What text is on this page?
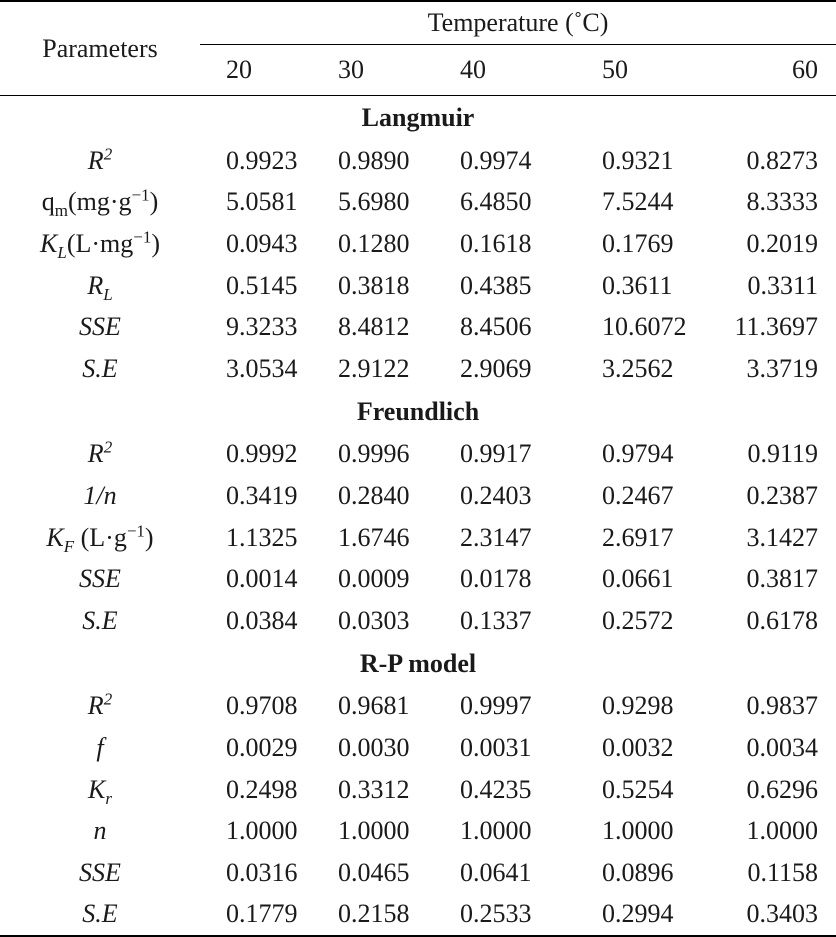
Parameters	Temperature (˚C)				
	20	30	40	50	60
Langmuir					
$R^2$	0.9923	0.9890	0.9974	0.9321	0.8273
$q_m(mg\cdot g^{-1})$	5.0581	5.6980	6.4850	7.5244	8.3333
$K_L(L\cdot mg^{-1})$	0.0943	0.1280	0.1618	0.1769	0.2019
$R_L$	0.5145	0.3818	0.4385	0.3611	0.3311
SSE	9.3233	8.4812	8.4506	10.6072	11.3697
S.E	3.0534	2.9122	2.9069	3.2562	3.3719
Freundlich					
$R^2$	0.9992	0.9996	0.9917	0.9794	0.9119
1/n	0.3419	0.2840	0.2403	0.2467	0.2387
$K_F$ $(L\cdot g^{-1})$	1.1325	1.6746	2.3147	2.6917	3.1427
SSE	0.0014	0.0009	0.0178	0.0661	0.3817
S.E	0.0384	0.0303	0.1337	0.2572	0.6178
R-P model					
$R^2$	0.9708	0.9681	0.9997	0.9298	0.9837
f	0.0029	0.0030	0.0031	0.0032	0.0034
$K_r$	0.2498	0.3312	0.4235	0.5254	0.6296
n	1.0000	1.0000	1.0000	1.0000	1.0000
SSE	0.0316	0.0465	0.0641	0.0896	0.1158
S.E	0.1779	0.2158	0.2533	0.2994	0.3403
